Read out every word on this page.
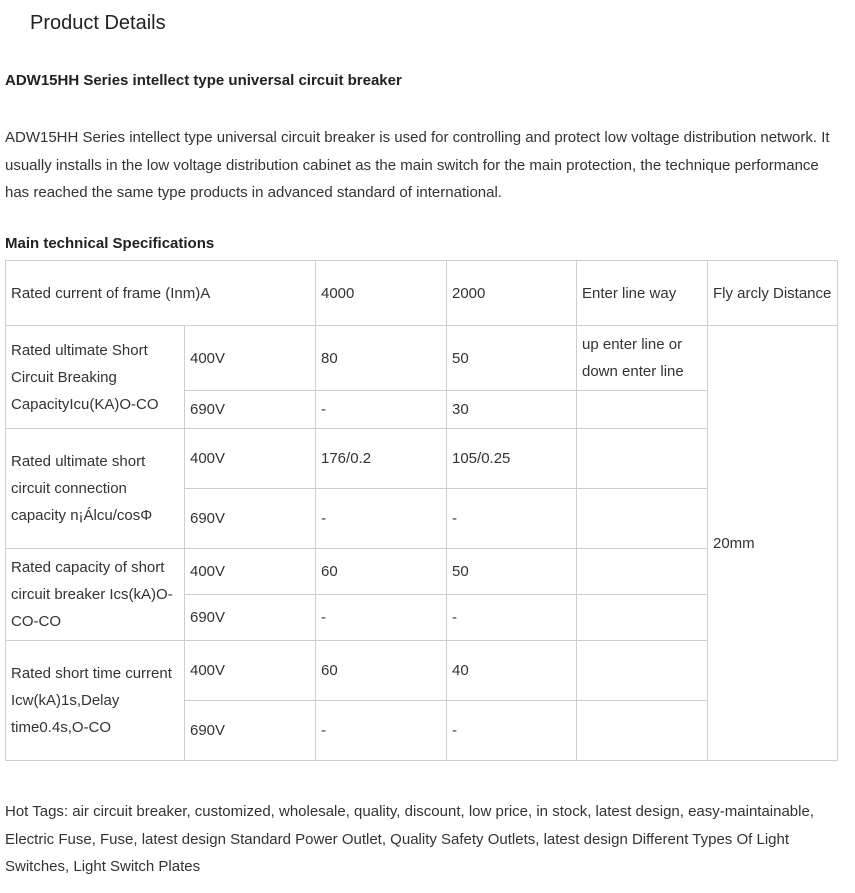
Product Details
ADW15HH Series intellect type universal circuit breaker

ADW15HH Series intellect type universal circuit breaker is used for controlling and protect low voltage distribution network. It usually installs in the low voltage distribution cabinet as the main switch for the main protection, the technique performance has reached the same type products in advanced standard of international.

Main technical Specifications
Rated current of frame (Inm)A		4000	2000	Enter line way	Fly arcly Distance
Rated ultimate Short Circuit Breaking CapacityIcu(KA)O-CO	400V	80	50	up enter line or down enter line	20mm
	690V	-	30		
Rated ultimate short circuit connection capacity n¡Álcu/cosΦ	400V	176/0.2	105/0.25		
	690V	-	-		
Rated capacity of short circuit breaker Ics(kA)O-CO-CO	400V	60	50		
	690V	-	-		
Rated short time current Icw(kA)1s,Delay time0.4s,O-CO	400V	60	40		
	690V	-	-		

Hot Tags: air circuit breaker, customized, wholesale, quality, discount, low price, in stock, latest design, easy-maintainable, Electric Fuse, Fuse, latest design Standard Power Outlet, Quality Safety Outlets, latest design Different Types Of Light Switches, Light Switch Plates
